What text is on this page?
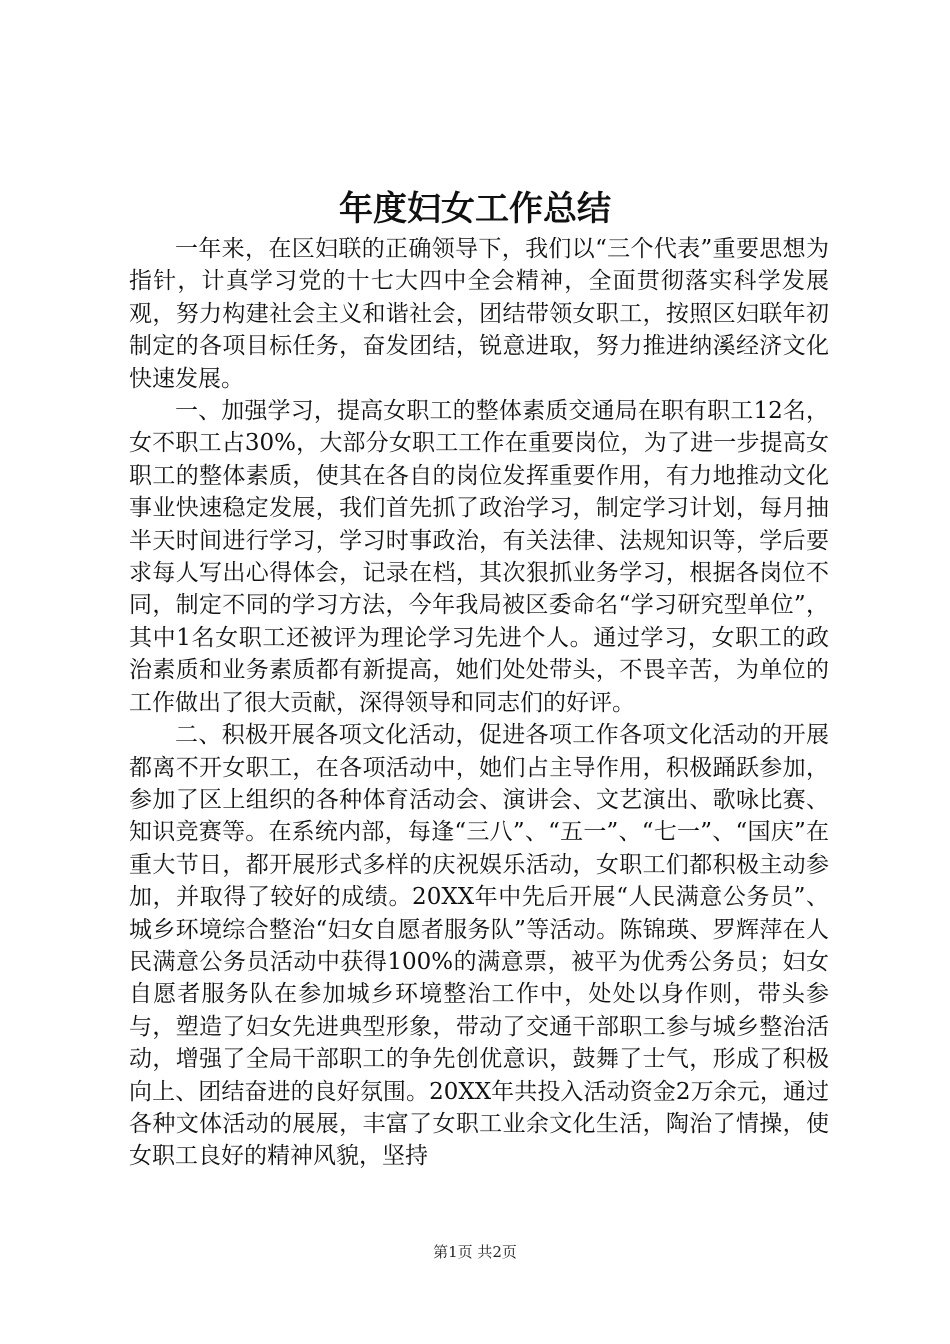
年度妇女工作总结

一年来，在区妇联的正确领导下，我们以“三个代表”重要思想为指针，计真学习党的十七大四中全会精神，全面贯彻落实科学发展观，努力构建社会主义和谐社会，团结带领女职工，按照区妇联年初制定的各项目标任务，奋发团结，锐意进取，努力推进纳溪经济文化快速发展。

一、加强学习，提高女职工的整体素质交通局在职有职工12名，女不职工占30%，大部分女职工工作在重要岗位，为了进一步提高女职工的整体素质，使其在各自的岗位发挥重要作用，有力地推动文化事业快速稳定发展，我们首先抓了政治学习，制定学习计划，每月抽半天时间进行学习，学习时事政治，有关法律、法规知识等，学后要求每人写出心得体会，记录在档，其次狠抓业务学习，根据各岗位不同，制定不同的学习方法，今年我局被区委命名“学习研究型单位”，其中1名女职工还被评为理论学习先进个人。通过学习，女职工的政治素质和业务素质都有新提高，她们处处带头，不畏辛苦，为单位的工作做出了很大贡献，深得领导和同志们的好评。

二、积极开展各项文化活动，促进各项工作各项文化活动的开展都离不开女职工，在各项活动中，她们占主导作用，积极踊跃参加，参加了区上组织的各种体育活动会、演讲会、文艺演出、歌咏比赛、知识竞赛等。在系统内部，每逢“三八”、“五一”、“七一”、“国庆”在重大节日，都开展形式多样的庆祝娱乐活动，女职工们都积极主动参加，并取得了较好的成绩。20XX年中先后开展“人民满意公务员”、城乡环境综合整治“妇女自愿者服务队”等活动。陈锦瑛、罗辉萍在人民满意公务员活动中获得100%的满意票，被平为优秀公务员；妇女自愿者服务队在参加城乡环境整治工作中，处处以身作则，带头参与，塑造了妇女先进典型形象，带动了交通干部职工参与城乡整治活动，增强了全局干部职工的争先创优意识，鼓舞了士气，形成了积极向上、团结奋进的良好氛围。20XX年共投入活动资金2万余元，通过各种文体活动的展展，丰富了女职工业余文化生活，陶治了情操，使女职工良好的精神风貌，坚持

第1页 共2页
